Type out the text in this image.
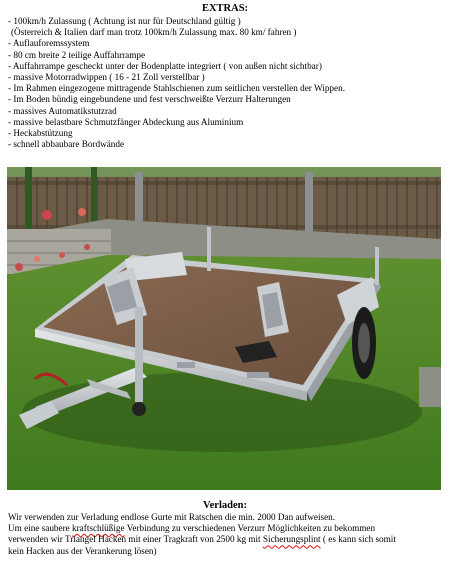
EXTRAS:
- 100km/h Zulassung ( Achtung ist nur für Deutschland gültig )
(Österreich & Italien darf man trotz 100km/h Zulassung max. 80 km/ fahren )
- Auflauforemssystem
- 80 cm breite 2 teilige Auffahrrampe
- Auffahrrampe gescheckt unter der Bodenplatte integriert ( von außen nicht sichtbar)
- massive Motorradwippen ( 16 - 21 Zoll verstellbar )
- Im Rahmen eingezogene mittragende Stahlschienen zum seitlichen verstellen der Wippen.
- Im Boden bündig eingebundene und fest verschweißte Verzurr Halterungen
- massives Automatikstutzrad
- massive belastbare Schmutzfänger Abdeckung aus Aluminium
- Heckabstützung
- schnell abbaubare Bordwände
Verladen:

Wir verwenden zur Verladung endlose Gurte mit Ratschen die min. 2000 Dan aufweisen.
Um eine saubere kraftschlüßige Verbindung zu verschiedenen Verzurr Möglichkeiten zu bekommen
verwenden wir Triangel Hacken mit einer Tragkraft von 2500 kg mit Sicherungsplint ( es kann sich somit
kein Hacken aus der Verankerung lösen)
